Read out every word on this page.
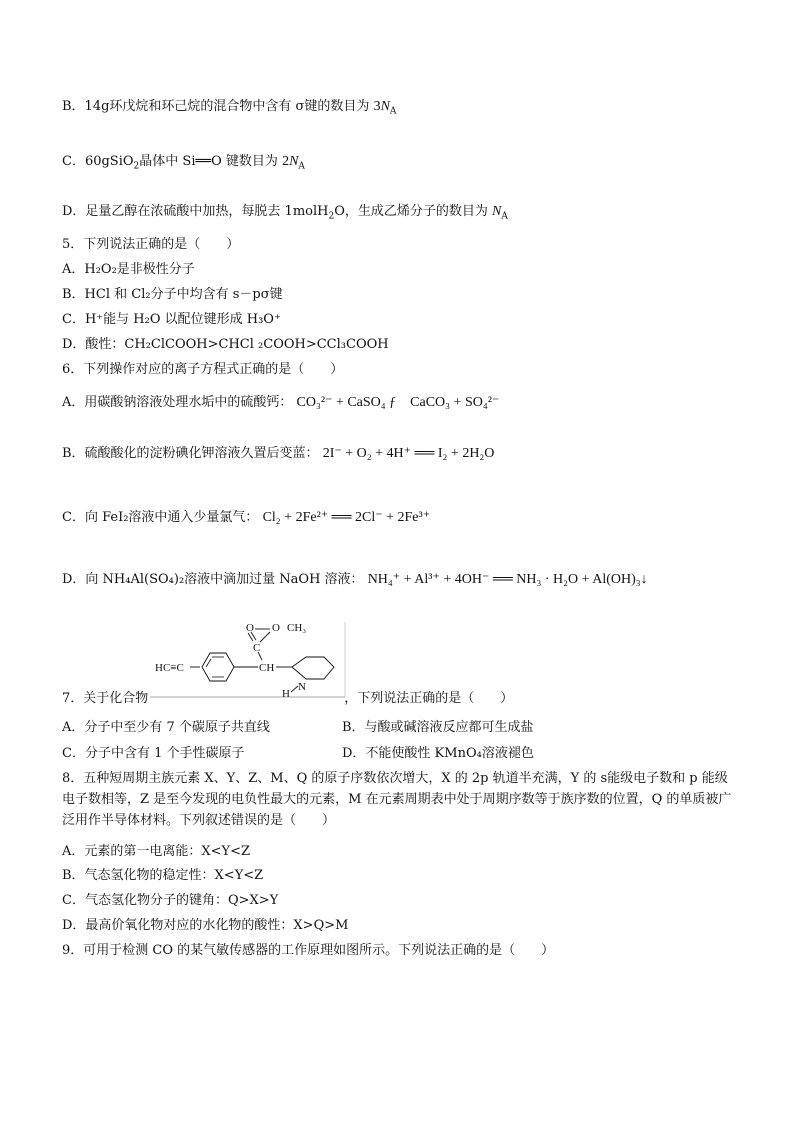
B．14g环戊烷和环己烷的混合物中含有 σ键的数目为 $3N_A$
C．60gSiO$_2$晶体中 Si══O 键数目为 $2N_A$
D．足量乙醇在浓硫酸中加热，每脱去 1molH$_2$O，生成乙烯分子的数目为 $N_A$
5．下列说法正确的是（　　）
A．H₂O₂是非极性分子
B．HCl 和 Cl₂分子中均含有 s－pσ键
C．H⁺能与 H₂O 以配位键形成 H₃O⁺
D．酸性：CH₂ClCOOH>CHCl ₂COOH>CCl₃COOH
6．下列操作对应的离子方程式正确的是（　　）
A．用碳酸钠溶液处理水垢中的硫酸钙： CO₃²⁻ + CaSO₄ ƒ　CaCO₃ + SO₄²⁻
B．硫酸酸化的淀粉碘化钾溶液久置后变蓝： 2I⁻ + O₂ + 4H⁺ ══ I₂ + 2H₂O
C．向 FeI₂溶液中通入少量氯气： Cl₂ + 2Fe²⁺ ══ 2Cl⁻ + 2Fe³⁺
D．向 NH₄Al(SO₄)₂溶液中滴加过量 NaOH 溶液： NH₄⁺ + Al³⁺ + 4OH⁻ ══ NH₃ · H₂O + Al(OH)₃↓
O O CH₃
C
HC≡C	CH
N
H
7．关于化合物	，下列说法正确的是（　　）
A．分子中至少有 7 个碳原子共直线	B．与酸或碱溶液反应都可生成盐
C．分子中含有 1 个手性碳原子	D．不能使酸性 KMnO₄溶液褪色
8．五种短周期主族元素 X、Y、Z、M、Q 的原子序数依次增大，X 的 2p 轨道半充满，Y 的 s能级电子数和 p 能级电子数相等，Z 是至今发现的电负性最大的元素，M 在元素周期表中处于周期序数等于族序数的位置，Q 的单质被广泛用作半导体材料。下列叙述错误的是（　　）
A．元素的第一电离能：X<Y<Z
B．气态氢化物的稳定性：X<Y<Z
C．气态氢化物分子的键角：Q>X>Y
D．最高价氧化物对应的水化物的酸性：X>Q>M
9．可用于检测 CO 的某气敏传感器的工作原理如图所示。下列说法正确的是（　　）
